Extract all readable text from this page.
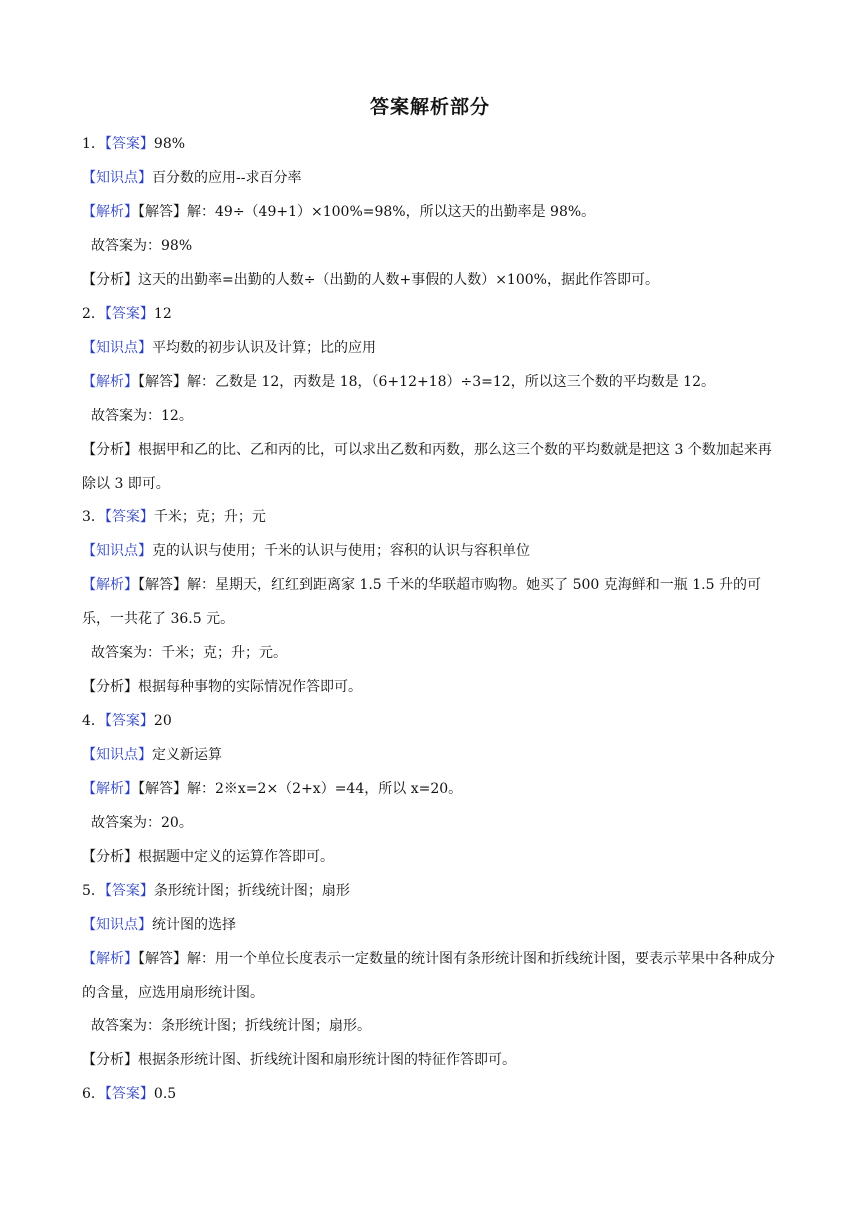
答案解析部分
1．【答案】98%
【知识点】百分数的应用--求百分率
【解析】【解答】解：49÷（49+1）×100%=98%，所以这天的出勤率是 98%。
故答案为：98%
【分析】这天的出勤率=出勤的人数÷（出勤的人数+事假的人数）×100%，据此作答即可。
2．【答案】12
【知识点】平均数的初步认识及计算；比的应用
【解析】【解答】解：乙数是 12，丙数是 18，（6+12+18）÷3=12，所以这三个数的平均数是 12。
故答案为：12。
【分析】根据甲和乙的比、乙和丙的比，可以求出乙数和丙数，那么这三个数的平均数就是把这 3 个数加起来再除以 3 即可。
3．【答案】千米；克；升；元
【知识点】克的认识与使用；千米的认识与使用；容积的认识与容积单位
【解析】【解答】解：星期天，红红到距离家 1.5 千米的华联超市购物。她买了 500 克海鲜和一瓶 1.5 升的可乐，一共花了 36.5 元。
故答案为：千米；克；升；元。
【分析】根据每种事物的实际情况作答即可。
4．【答案】20
【知识点】定义新运算
【解析】【解答】解：2※x=2×（2+x）=44，所以 x=20。
故答案为：20。
【分析】根据题中定义的运算作答即可。
5．【答案】条形统计图；折线统计图；扇形
【知识点】统计图的选择
【解析】【解答】解：用一个单位长度表示一定数量的统计图有条形统计图和折线统计图，要表示苹果中各种成分的含量，应选用扇形统计图。
故答案为：条形统计图；折线统计图；扇形。
【分析】根据条形统计图、折线统计图和扇形统计图的特征作答即可。
6．【答案】0.5
